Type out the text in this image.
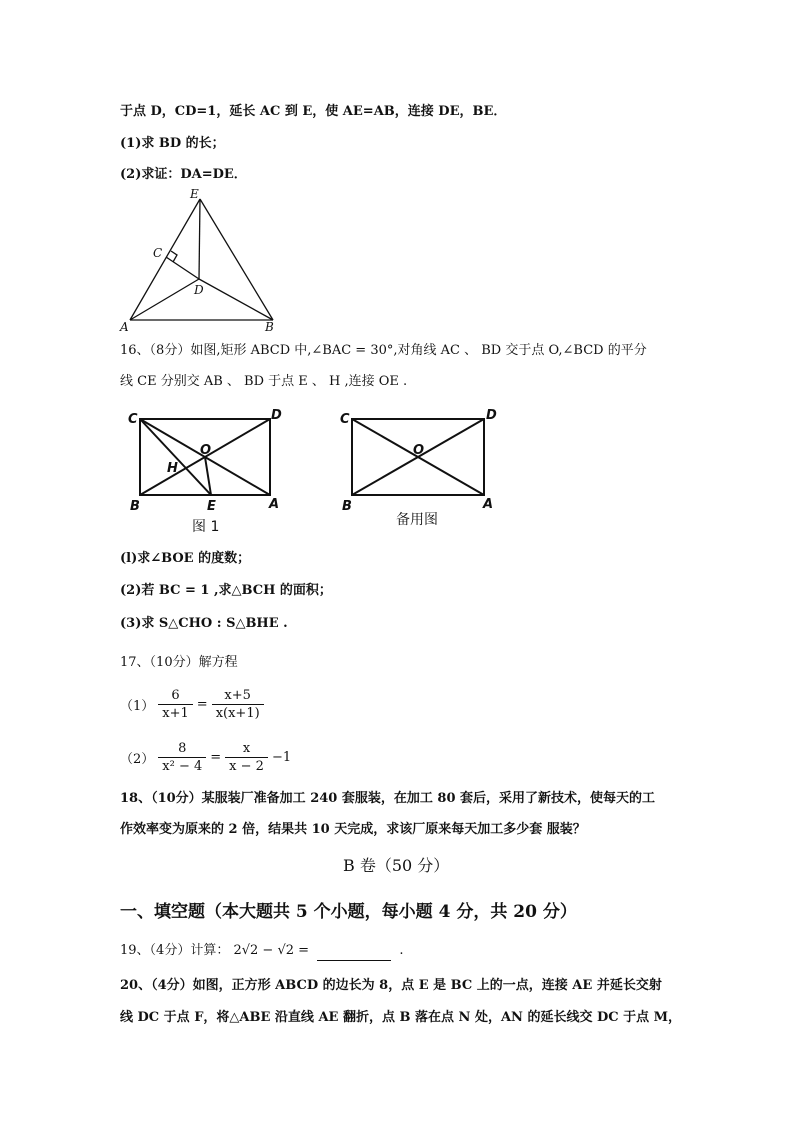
于点 D，CD=1，延长 AC 到 E，使 AE=AB，连接 DE，BE．
(1)求 BD 的长；
(2)求证：DA=DE．
E
C
D
A	B
16、（8分）如图,矩形 ABCD 中,∠BAC = 30°,对角线 AC 、 BD 交于点 O,∠BCD 的平分
线 CE 分别交 AB 、 BD 于点 E 、 H ,连接 OE .
C	D
O
H
B	E	A
图 1
C	D
O
B	A
备用图
(l)求∠BOE 的度数；
(2)若 BC = 1 ,求△BCH 的面积；
(3)求 S△CHO : S△BHE .
17、（10分）解方程
$(1) \frac{6}{x+1} = \frac{x+5}{x(x+1)}$
$(2) \frac{8}{\text{x² − 4}} = \frac{x}{x - 2} -1$
18、（10分）某服装厂准备加工 240 套服装，在加工 80 套后，采用了新技术，使每天的工
作效率变为原来的 2 倍，结果共 10 天完成，求该厂原来每天加工多少套 服装？
B 卷（50 分）
一、填空题（本大题共 5 个小题，每小题 4 分，共 20 分）
19、（4分）计算： 2√2 − √2 =	.
20、（4分）如图，正方形 ABCD 的边长为 8，点 E 是 BC 上的一点，连接 AE 并延长交射
线 DC 于点 F，将△ABE 沿直线 AE 翻折，点 B 落在点 N 处，AN 的延长线交 DC 于点 M，
